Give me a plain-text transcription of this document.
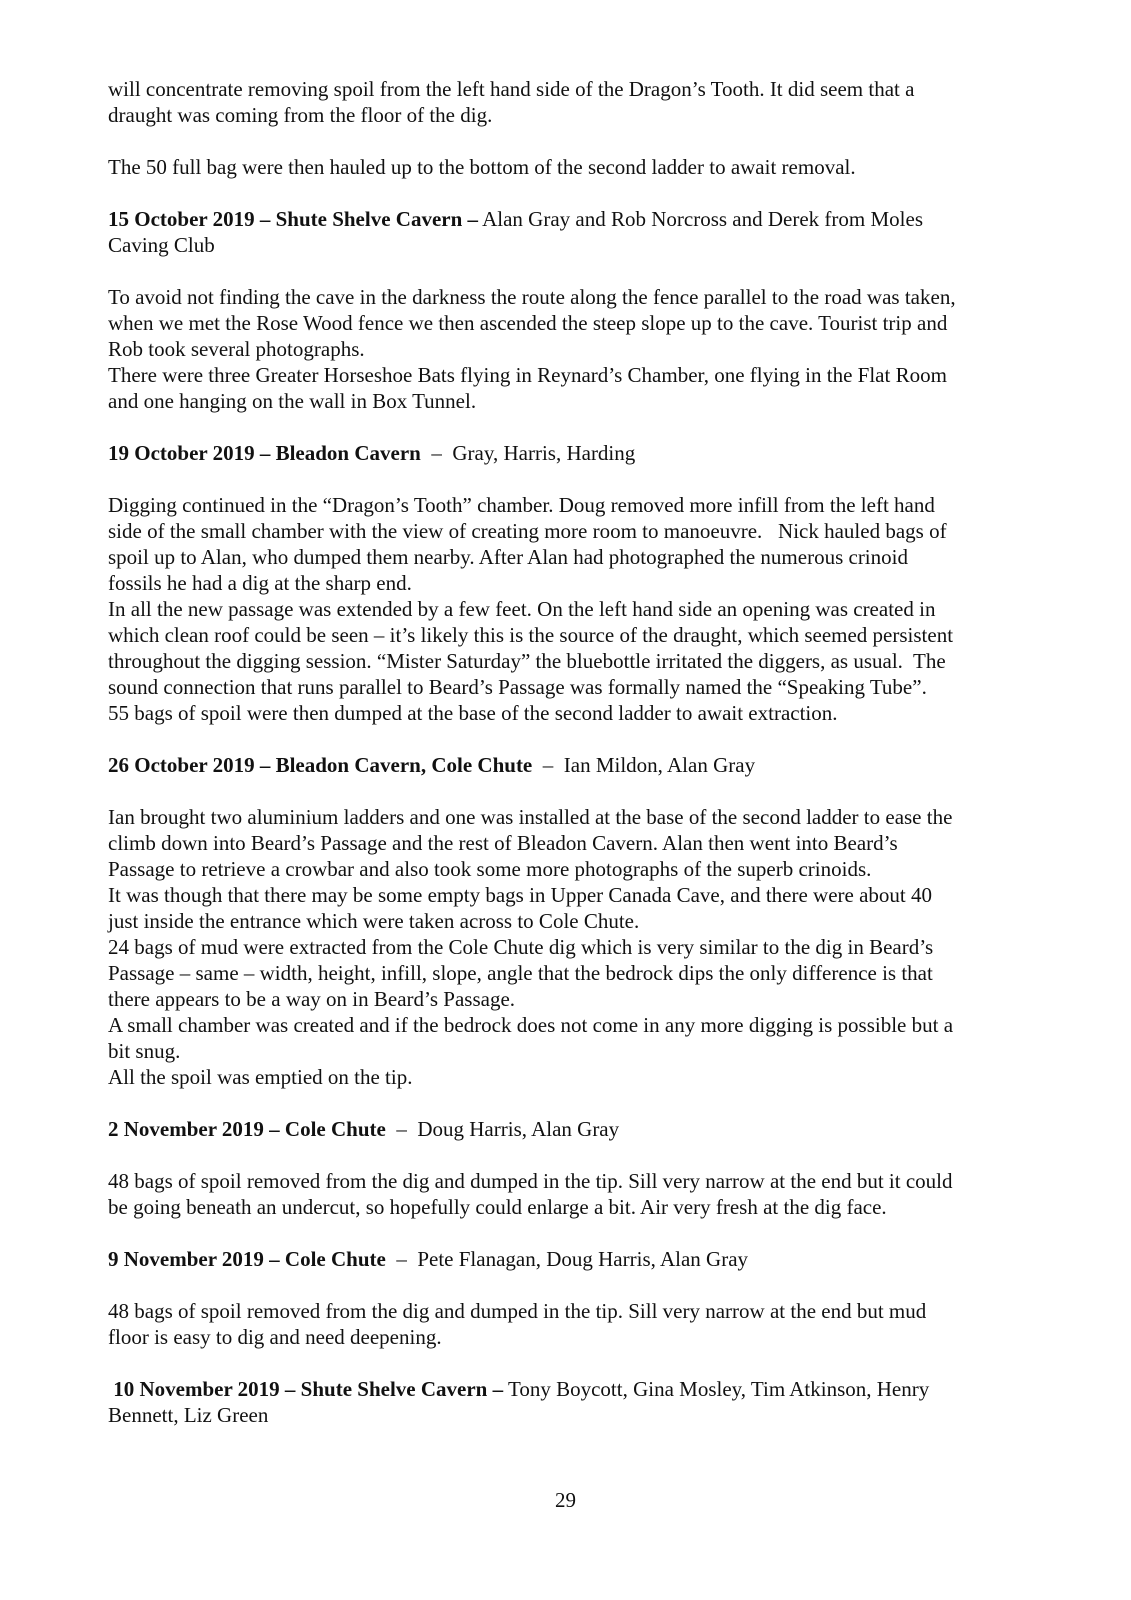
will concentrate removing spoil from the left hand side of the Dragon’s Tooth. It did seem that a
draught was coming from the floor of the dig.
The 50 full bag were then hauled up to the bottom of the second ladder to await removal.
15 October 2019 – Shute Shelve Cavern – Alan Gray and Rob Norcross and Derek from Moles
Caving Club
To avoid not finding the cave in the darkness the route along the fence parallel to the road was taken,
when we met the Rose Wood fence we then ascended the steep slope up to the cave. Tourist trip and
Rob took several photographs.
There were three Greater Horseshoe Bats flying in Reynard’s Chamber, one flying in the Flat Room
and one hanging on the wall in Box Tunnel.
19 October 2019 – Bleadon Cavern  –  Gray, Harris, Harding
Digging continued in the “Dragon’s Tooth” chamber. Doug removed more infill from the left hand
side of the small chamber with the view of creating more room to manoeuvre.   Nick hauled bags of
spoil up to Alan, who dumped them nearby. After Alan had photographed the numerous crinoid
fossils he had a dig at the sharp end.
In all the new passage was extended by a few feet. On the left hand side an opening was created in
which clean roof could be seen – it’s likely this is the source of the draught, which seemed persistent
throughout the digging session. “Mister Saturday” the bluebottle irritated the diggers, as usual.  The
sound connection that runs parallel to Beard’s Passage was formally named the “Speaking Tube”.
55 bags of spoil were then dumped at the base of the second ladder to await extraction.
26 October 2019 – Bleadon Cavern, Cole Chute  –  Ian Mildon, Alan Gray
Ian brought two aluminium ladders and one was installed at the base of the second ladder to ease the
climb down into Beard’s Passage and the rest of Bleadon Cavern. Alan then went into Beard’s
Passage to retrieve a crowbar and also took some more photographs of the superb crinoids.
It was though that there may be some empty bags in Upper Canada Cave, and there were about 40
just inside the entrance which were taken across to Cole Chute.
24 bags of mud were extracted from the Cole Chute dig which is very similar to the dig in Beard’s
Passage – same – width, height, infill, slope, angle that the bedrock dips the only difference is that
there appears to be a way on in Beard’s Passage.
A small chamber was created and if the bedrock does not come in any more digging is possible but a
bit snug.
All the spoil was emptied on the tip.
2 November 2019 – Cole Chute  –  Doug Harris, Alan Gray
48 bags of spoil removed from the dig and dumped in the tip. Sill very narrow at the end but it could
be going beneath an undercut, so hopefully could enlarge a bit. Air very fresh at the dig face.
9 November 2019 – Cole Chute  –  Pete Flanagan, Doug Harris, Alan Gray
48 bags of spoil removed from the dig and dumped in the tip. Sill very narrow at the end but mud
floor is easy to dig and need deepening.
10 November 2019 – Shute Shelve Cavern – Tony Boycott, Gina Mosley, Tim Atkinson, Henry
Bennett, Liz Green
29
